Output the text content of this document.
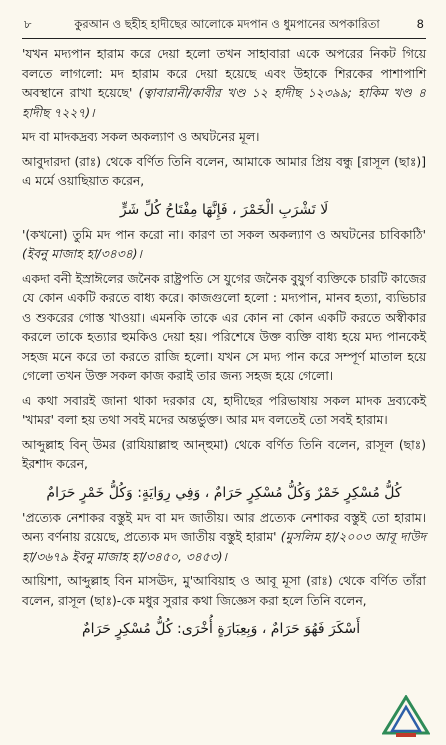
৮	কুরআন ও ছহীহ হাদীছের আলোকে মদপান ও ধুমপানের অপকারিতা	8

'যখন মদ্যপান হারাম করে দেয়া হলো তখন সাহাবারা একে অপরের নিকট গিয়ে বলতে লাগলো: মদ হারাম করে দেয়া হয়েছে এবং উহাকে শিরকের পাশাপাশি অবস্থানে রাখা হয়েছে' (ত্বাবারানী/কাবীর খণ্ড ১২ হাদীছ ১২৩৯৯; হাকিম খণ্ড ৪ হাদীছ ৭২২৭)।

মদ বা মাদকদ্রব্য সকল অকল্যাণ ও অঘটনের মূল।

আবুদারদা (রাঃ) থেকে বর্ণিত তিনি বলেন, আমাকে আমার প্রিয় বন্ধু [রাসূল (ছাঃ)] এ মর্মে ওয়াছিয়াত করেন,

لَا تَشْرَبِ الْخَمْرَ ، فَإِنَّهَا مِفْتَاحُ كُلِّ شَرٍّ

'(কখনো) তুমি মদ পান করো না। কারণ তা সকল অকল্যাণ ও অঘটনের চাবিকাঠি' (ইবনু মাজাহ হা/৩৪৩৪)।

একদা বনী ইস্রাঈলের জনৈক রাষ্ট্রপতি সে যুগের জনৈক বুযুর্গ ব্যক্তিকে চারটি কাজের যে কোন একটি করতে বাধ্য করে। কাজগুলো হলো : মদ্যপান, মানব হত্যা, ব্যভিচার ও শুকরের গোস্ত খাওয়া। এমনকি তাকে এর কোন না কোন একটি করতে অস্বীকার করলে তাকে হত্যার হুমকিও দেয়া হয়। পরিশেষে উক্ত ব্যক্তি বাধ্য হয়ে মদ্য পানকেই সহজ মনে করে তা করতে রাজি হলো। যখন সে মদ্য পান করে সম্পূর্ণ মাতাল হয়ে গেলো তখন উক্ত সকল কাজ করাই তার জন্য সহজ হয়ে গেলো।

এ কথা সবারই জানা থাকা দরকার যে, হাদীছের পরিভাষায় সকল মাদক দ্রব্যকেই 'খামর' বলা হয় তথা সবই মদের অন্তর্ভুক্ত। আর মদ বলতেই তো সবই হারাম।

আব্দুল্লাহ বিন্ উমর (রাযিয়াল্লাহু আন্হুমা) থেকে বর্ণিত তিনি বলেন, রাসূল (ছাঃ) ইরশাদ করেন,

كُلُّ مُسْكِرٍ خَمْرٌ وَكُلُّ مُسْكِرٍ حَرَامٌ ، وَفِي رِوَايَةٍ: وَكُلُّ خَمْرٍ حَرَامٌ

'প্রত্যেক নেশাকর বস্তুই মদ বা মদ জাতীয়। আর প্রত্যেক নেশাকর বস্তুই তো হারাম। অন্য বর্ণনায় রয়েছে, প্রত্যেক মদ জাতীয় বস্তুই হারাম' (মুসলিম হা/২০০৩ আবূ দাউদ হা/৩৬৭৯ ইবনু মাজাহ হা/৩৪৫০, ৩৪৫৩)।

আয়িশা, আব্দুল্লাহ বিন মাসঊদ, মু'আবিয়াহ ও আবূ মূসা (রাঃ) থেকে বর্ণিত তাঁরা বলেন, রাসূল (ছাঃ)-কে মধুর সুরার কথা জিজ্ঞেস করা হলে তিনি বলেন,

أَسْكَرَ فَهُوَ حَرَامٌ ، وَبِعِبَارَةٍ أُخْرَى: كُلُّ مُسْكِرٍ حَرَامٌ
